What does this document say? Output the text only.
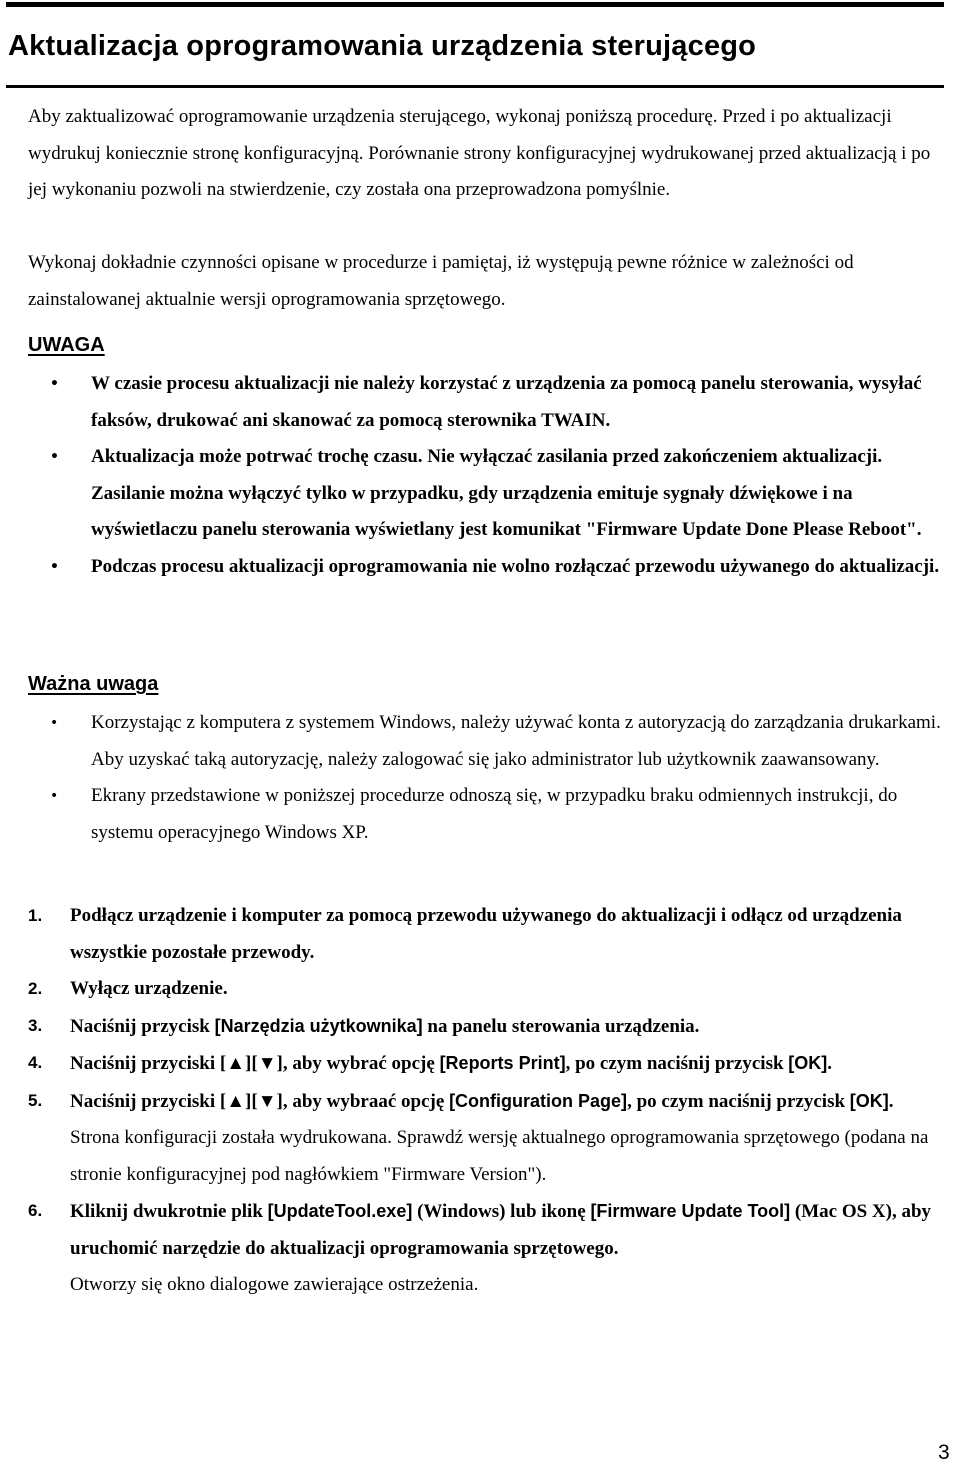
Aktualizacja oprogramowania urządzenia sterującego
Aby zaktualizować oprogramowanie urządzenia sterującego, wykonaj poniższą procedurę. Przed i po aktualizacji wydrukuj koniecznie stronę konfiguracyjną. Porównanie strony konfiguracyjnej wydrukowanej przed aktualizacją i po jej wykonaniu pozwoli na stwierdzenie, czy została ona przeprowadzona pomyślnie.
Wykonaj dokładnie czynności opisane w procedurze i pamiętaj, iż występują pewne różnice w zależności od zainstalowanej aktualnie wersji oprogramowania sprzętowego.
UWAGA
• W czasie procesu aktualizacji nie należy korzystać z urządzenia za pomocą panelu sterowania, wysyłać faksów, drukować ani skanować za pomocą sterownika TWAIN.
• Aktualizacja może potrwać trochę czasu. Nie wyłączać zasilania przed zakończeniem aktualizacji. Zasilanie można wyłączyć tylko w przypadku, gdy urządzenia emituje sygnały dźwiękowe i na wyświetlaczu panelu sterowania wyświetlany jest komunikat "Firmware Update Done Please Reboot".
• Podczas procesu aktualizacji oprogramowania nie wolno rozłączać przewodu używanego do aktualizacji.
Ważna uwaga
• Korzystając z komputera z systemem Windows, należy używać konta z autoryzacją do zarządzania drukarkami. Aby uzyskać taką autoryzację, należy zalogować się jako administrator lub użytkownik zaawansowany.
• Ekrany przedstawione w poniższej procedurze odnoszą się, w przypadku braku odmiennych instrukcji, do systemu operacyjnego Windows XP.
1. Podłącz urządzenie i komputer za pomocą przewodu używanego do aktualizacji i odłącz od urządzenia wszystkie pozostałe przewody.
2. Wyłącz urządzenie.
3. Naciśnij przycisk [Narzędzia użytkownika] na panelu sterowania urządzenia.
4. Naciśnij przyciski [▲][▼], aby wybrać opcję [Reports Print], po czym naciśnij przycisk [OK].
5. Naciśnij przyciski [▲][▼], aby wybraać opcję [Configuration Page], po czym naciśnij przycisk [OK].
Strona konfiguracji została wydrukowana. Sprawdź wersję aktualnego oprogramowania sprzętowego (podana na stronie konfiguracyjnej pod nagłówkiem "Firmware Version").
6. Kliknij dwukrotnie plik [UpdateTool.exe] (Windows) lub ikonę [Firmware Update Tool] (Mac OS X), aby uruchomić narzędzie do aktualizacji oprogramowania sprzętowego.
Otworzy się okno dialogowe zawierające ostrzeżenia.
3
